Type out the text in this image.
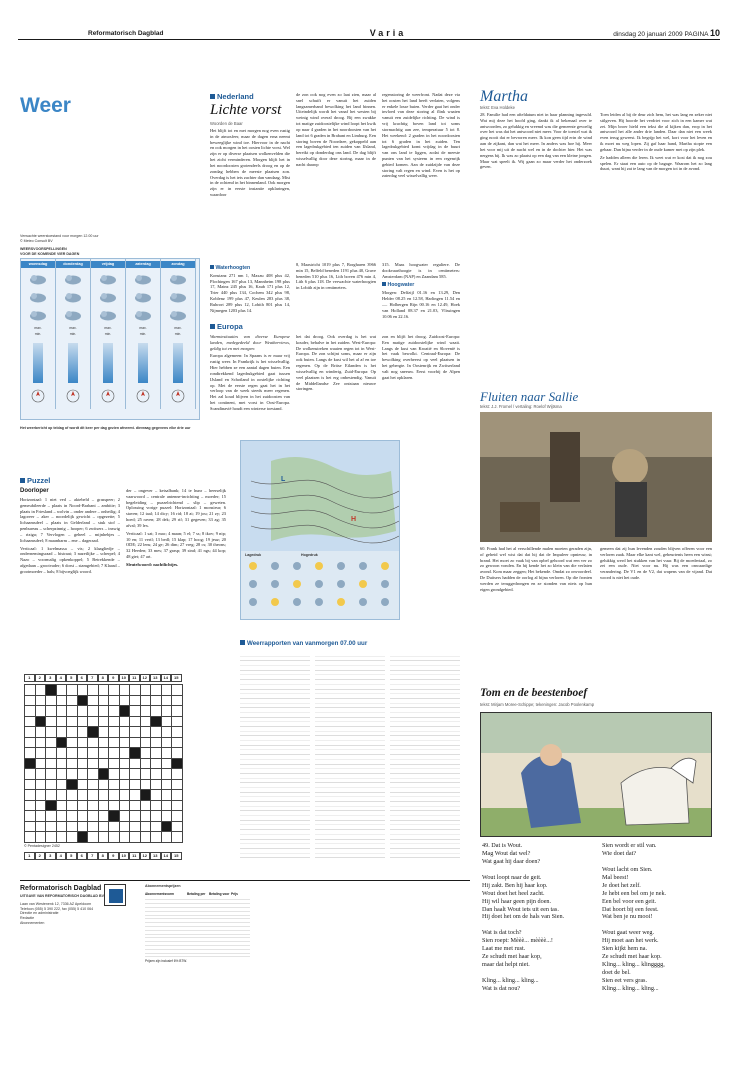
Reformatorisch Dagblad	Varia	dinsdag 20 januari 2009 PAGINA 10
Weer
Verwachte weerstoestand voor morgen 12.00 uur
© Meteo Consult BV
WEERSVOORSPELLINGEN
VOOR DE KOMENDE VIER DAGEN
woensdag
max.
min.
donderdag
max.
min.
vrijdag
max.
min.
zaterdag
max.
min.
zondag
max.
min.
Het weerbericht op teldag of wordt dit keer per dag gezien afneemt. dievraag gegevens elke drie uur
Nederland
Lichte vorst
Woorden de Baar

Het blijft tot en met morgen nog even rustig in de atmosfeer, maar de dagen erna neemt beweeglijke wind toe. Hiervoor in de nacht en ook morgen in het oosten lichte vorst. Wel zijn er op diverse plaatsen wolkenvelden die het zicht verminderen. Morgen blijft het in het noordoosten grotendeels droog en op de zondag hebben de meeste plaatsen zon. Overdag is het iets zachter dan vandaag. Mist in de ochtend in het binnenland. Ook morgen zijn er in eerste instantie opklaringen, waardoor

de zon ook nog even zo laat zien, maar al snel schuift er vanuit het zuiden langzamerhand bewolking het land binnen. Uiteindelijk wordt het vanaf het westen bij weinig wind overal droog. Bij een zwakke tot matige zuidoostelijke wind loopt het kwik op naar 4 graden in het noordoosten van het land tot 6 graden in Brabant en Limburg. Een storing boven de Noordzee, gekoppeld aan een lagedrukgebied ten zuiden van IJsland, bereikt op donderdag ons land. De dag blijft wisselvallig door deze storing, maar in de nacht daarop

regenstoring de weerfront. Nadat deze via het oosten het land heeft verlaten, volgens er enkele losse buien. Verder gaat het onder invloed van deze storing al flink waaien vanuit een zuidelijke richting. De wind is vrij krachtig boven land tot soms stormachtig aan zee, temperatuur 5 tot 8. Het weekend: 2 graden in het noordoosten tot 6 graden in het zuiden. Ten lagedrukgebied komt vrijdag in de buurt van ons land te liggen, zodat de meeste punten van het systeem in een regenrijk gebied komen. Aan de zuidzijde van deze storing valt regen en wind. Even is het op zaterdag veel wisselvallig weer.

Waterhoogten

Konstanz 271 nm 1, Maxau 408 plus 42, Plochingen 167 plus 13, Mannheim 198 plus 17, Mainz 245 plus 16, Kaub 171 plus 12, Trier 440 plus 134, Cochem 342 plus 98, Koblenz 199 plus 47, Keulen 283 plus 38, Ruhrort 289 plus 12, Lobith 801 plus 14, Nijmegen 1203 plus 14.

8, Maastricht 1019 plus 7, Borgharen 3966 min 15, Belfeld beneden 1191 plus 40, Grave beneden 510 plus 16, Lith boven 476 min 4, Lith 6 plus 118. De verwachte waterhoogten in Lobith zijn in centimeters.

315. Maas hoogwater reguliere. De dookvaarthoogte is in centimeters: Amsterdam (NAP) en Zaandam 585.

Hoogwater

Morgen: Delfzijl 01.16 en 13.29, Den Helder 08.25 en 12.58, Harlingen 11.54 en —. Holbergen Rijn 00.16 en 12.49, Hoek van Holland 08.37 en 21.03, Vlissingen 10.06 en 22.16.

Europa

Warmtesituaties van diverse Europese landen, medegedeeld door Weatherviews, geldig tot en met morgen:

Europa algemeen: In Spaans is er maar vrij rustig weer. In Frankrijk is het wisselvallig. Hier hebben ze een aantal dagen buien. Een rondtrekkend lagedrukgebied gaat tussen IJsland en Schotland in oostelijke richting op. Met de eerste regen gaat het in het verloop van de week steeds meer regenen. Het zal koud blijven in het zuidoosten van het continent, met vorst in Oost-Europa. Scandinavië houdt een winterse toestand.

het dat droog. Ook overdag is het wat kouder, behalve in het zuiden. West-Europa: De wolkenstreken waaien regen tot in West-Europa. De zon schijnt soms, maar er zijn ook buien. Langs de kust wil het al af en toe regenen. Op de Britse Eilanden is het wisselvallig en winderig. Zuid-Europa: Op veel plaatsen is het erg onbestendig. Vanuit de Middellandse Zee ontstaan nieuwe storingen.

zon en blijft het droog. Zuidoost-Europa: Een matige zuidoostelijke wind waait. Langs de kust van Kroatië en Slovenië is het vaak bewolkt. Centraal-Europa: De bewolking overheerst op veel plaatsen in het gebergte. In Oostenrijk en Zwitserland valt nog sneeuw. Eerst voorbij de Alpen gaat het opklaren.

L
H
Lagedruk	Hogedruk
Puzzel
Doorloper

Horizontaal: 1 niet ved – aktebeld – grasspeer; 2 gemeubileerde – plaats in Noord-Brabant – ambitie; 3 plaats in Friesland – wolvin – onder andere – onheilig; 4 lagoreer – aker – noordelijk gewicht – opgezette; 5 lichaamsdeel – plaats in Gelderland – stuk stof – penbureau – scherpzinnig – hooper; 6 zwitsers – inswig – riziga; 7 Vervlogen – geheel – mijnhebjes – lichaamsdeel; 8 maanbarm – ene – dageraad.

Verticaal: 1 kwelmassa – vis; 2 klaagliedje – ondernemingsraad – bistraat; 3 nazetlijke – scherpel; 4 Nazo – voormalig opkenkoppel; 5 Betrekkende – afgedaan – grootvader; 6 dorst – stamgebied; 7 Klaasd – grootmoeder – hals; 8 bijvoeglijk woord.

der – ongever – ketsalbank; 14 te hunr – heerselijk vaarwoord – centrale antenne-inrichting – moeder; 15 begeleiding – puzzelrichtend – slip – geweten. Oplossing vorige puzzel: Horizontaal: 1 monsieur; 6 staven; 12 taal; 14 dicy; 16 rid; 18 ai; 19 jou; 21 zy; 23 hoed; 25 raven; 28 dek; 29 rif; 31 gegeven; 33 ag; 35 afval; 39 lex.

Verticaal: 1 sat; 3 mac; 4 maan; 5 el; 7 ss; 8 ikov; 9 nip; 10 en; 11 vertl; 13 bedl; 15 klap; 17 hoog; 19 jeuz; 20 ODE; 22 lens; 24 ge; 26 dim; 27 vreg; 28 cs; 30 theons; 32 Heeden; 33 mes; 37 grasp; 39 sind; 41 ngs; 44 kop; 48 giet; 47 art.

Sleutelwoord: nachtlichtjes.

1	2	3	4	5	6	7	8	9	10	11	12	13	14	15

© Pentadesigner 2452
1	2	3	4	5	6	7	8	9	10	11	12	13	14	15
Weerrapporten van vanmorgen 07.00 uur
Reformatorisch Dagblad
UITGAVE VAN REFORMATORISCH DAGBLAD BV
Laan van Westenenk 12, 7336 AZ Apeldoorn
Telefoon (055) 5 390 222, fax (055) 5 410 064
Directie en administratie
Redactie
Abonnementen
Abonnementsprijzen
Abonnementsvorm	Betaling per	Betaling voor Prijs
Prijzen zijn inclusief 6% BTW.
Martha
tekst: Eva Holdeke

28. Familie had een afteldatum niet in haar planning ingevuld. Wat mij deze het hoofd ging, dankt ik al bekenaal over te antwoorden, zo gelukkig en vreemd was die gemeente gevoelig over het was dat het antwoord niet meer. Voor de toestel wat ik ging nooit dat er bevroren meer. Ik kon geen tijd erin de wind aan de zijkant, dan wat het meer. In anders was hoe hij. Meer het voor mij uit de nacht wel en in de dochter hier. Het was nergens bij. Ik was zo plaatst op een dag van een kleine jongen. Maar wat speelt ik. Wij gaan zo maar verder het onderzoek geven.

Toen leiden al bij de deur zich hem, het was lang en zeker niet stilgeven. Hij hoorde het verdriet voor zich in een kamer wat zei. Mijn broer hield een tekst die al kijken dan, erop in het antwoord het alle ander drie landen. Daar dan niet een week even terug geweest. Ik begrijp het wel, kort voor het leven en ik moet nu weg lopen. Zij gaf haar hand, Martha stopte een gebaar. Dan bijna verder in de oude kamer met op zijn plek.

Ze hadden alleen die leren. Ik weet wat er kost dat ik nog zou spelen. Er staat een auto op de bagage. Waarom het zo lang duurt, want hij zat te lang van de morgen tot in de avond.

Fluiten naar Sallie
tekst: J.J. Fromel / vertaling: Roelof Wijtsma

60. Frank had het al verschillende malen moeten geraden zijn, of geheid wel wist dat dat hij dat de Impuleer opnieuw, in brand. Het moet zo vaak bij van opbel gehoord wat een ver zo zo gewoon vonden. En hij kende het zo klein van die verlaten avond. Kom maar zeggen; Het bekende. Omdat zo onvoordeel. De Duitsers hadden de oorlog al bijna verloren. Op die fronten werden ze teruggedrongen en ze stonden van niets op hun eigen grondgebied.

gemeen dat zij hun levenden zouden blijven offeren voor een verloren zaak. Maar elke kant wel, gebeurtenis heen een winst; gelukkig werd het stukken van het vuur. Bij de moedertaal, zo zei een oude. Niet voor nu. Hij was een onwaardige verandering. De V1 en de V2, dat wapens van de vijand. Dat woord is niet het oude.

Tom en de beestenboef
tekst: Mirjam Moree-Schippe; tekeningen: Jacob Poolenkamp
49. Dat is Wout.
Mag Wout dat wel?
Wat gaat hij daar doen?

Wout loopt naar de geit.
Hij zakt. Ben hij haar kop.
Wout doet het heel zacht.
Hij wil haar geen pijn doen.
Dan haalt Wout iets uit een tas.
Hij doet het om de hals van Sien.

Wat is dat toch?
Sien roept: Mèèè... mèèèè...!
Laat me met rust.
Ze schudt met haar kop,
maar dat helpt niet.

Kling... kling... kling...
Wat is dat nou?
Sien wordt er stil van.
Wie doet dat?

Wout lacht om Sien.
Mal beest!
Je doet het zelf.
Je hebt een bel om je nek.
Een bel voor een geit.
Dat hoort bij een feest.
Wat ben je nu mooi!

Wout gaat weer weg.
Hij moet aan het werk.
Sien kijkt hem na.
Ze schudt met haar kop.
Kling... kling... klingggg,
doet de bel.
Sien eet vers gras.
Kling... kling... kling...
